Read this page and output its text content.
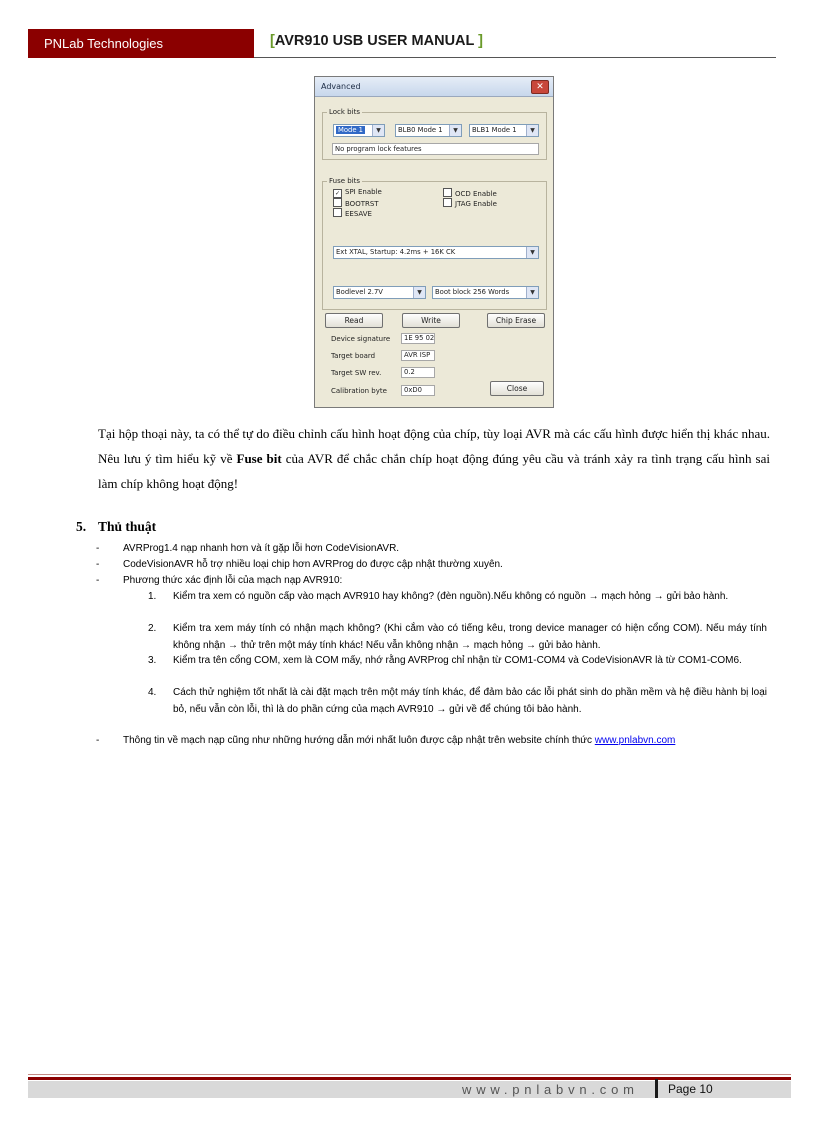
PNLab Technologies	[AVR910 USB USER MANUAL ]
Advanced	✕
Lock bits
Mode 1	▼	BLB0 Mode 1	▼	BLB1 Mode 1	▼
No program lock features
Fuse bits
✓ SPI Enable
BOOTRST
EESAVE
OCD Enable
JTAG Enable
Ext XTAL, Startup: 4.2ms + 16K CK	▼
Bodlevel 2.7V	▼	Boot block 256 Words	▼
Read	Write	Chip Erase
Device signature	1E 95 02
Target board	AVR ISP
Target SW rev.	0.2
Calibration byte	0xD0	Close
Tại hộp thoại này, ta có thể tự do điều chỉnh cấu hình hoạt động của chíp, tùy loại AVR mà các cấu hình được hiển thị khác nhau. Nêu lưu ý tìm hiểu kỹ về Fuse bit của AVR để chắc chắn chíp hoạt động đúng yêu cầu và tránh xảy ra tình trạng cấu hình sai làm chíp không hoạt động!
5. Thủ thuật
- AVRProg1.4 nạp nhanh hơn và ít gặp lỗi hơn CodeVisionAVR.
- CodeVisionAVR hỗ trợ nhiều loại chip hơn AVRProg do được cập nhật thường xuyên.
- Phương thức xác định lỗi của mạch nạp AVR910:
1. Kiểm tra xem có nguồn cấp vào mạch AVR910 hay không? (đèn nguồn).Nếu không có nguồn → mạch hỏng → gửi bảo hành.
2. Kiểm tra xem máy tính có nhận mạch không? (Khi cắm vào có tiếng kêu, trong device manager có hiện cổng COM). Nếu máy tính không nhận → thử trên một máy tính khác! Nếu vẫn không nhận → mạch hỏng → gửi bảo hành.
3. Kiểm tra tên cổng COM, xem là COM mấy, nhớ rằng AVRProg chỉ nhận từ COM1-COM4 và CodeVisionAVR là từ COM1-COM6.
4. Cách thử nghiệm tốt nhất là cài đặt mạch trên một máy tính khác, để đảm bảo các lỗi phát sinh do phần mềm và hệ điều hành bị loại bỏ, nếu vẫn còn lỗi, thì là do phần cứng của mạch AVR910 → gửi về để chúng tôi bảo hành.
- Thông tin về mạch nạp cũng như những hướng dẫn mới nhất luôn được cập nhật trên website chính thức www.pnlabvn.com
www.pnlabvn.com Page 10
